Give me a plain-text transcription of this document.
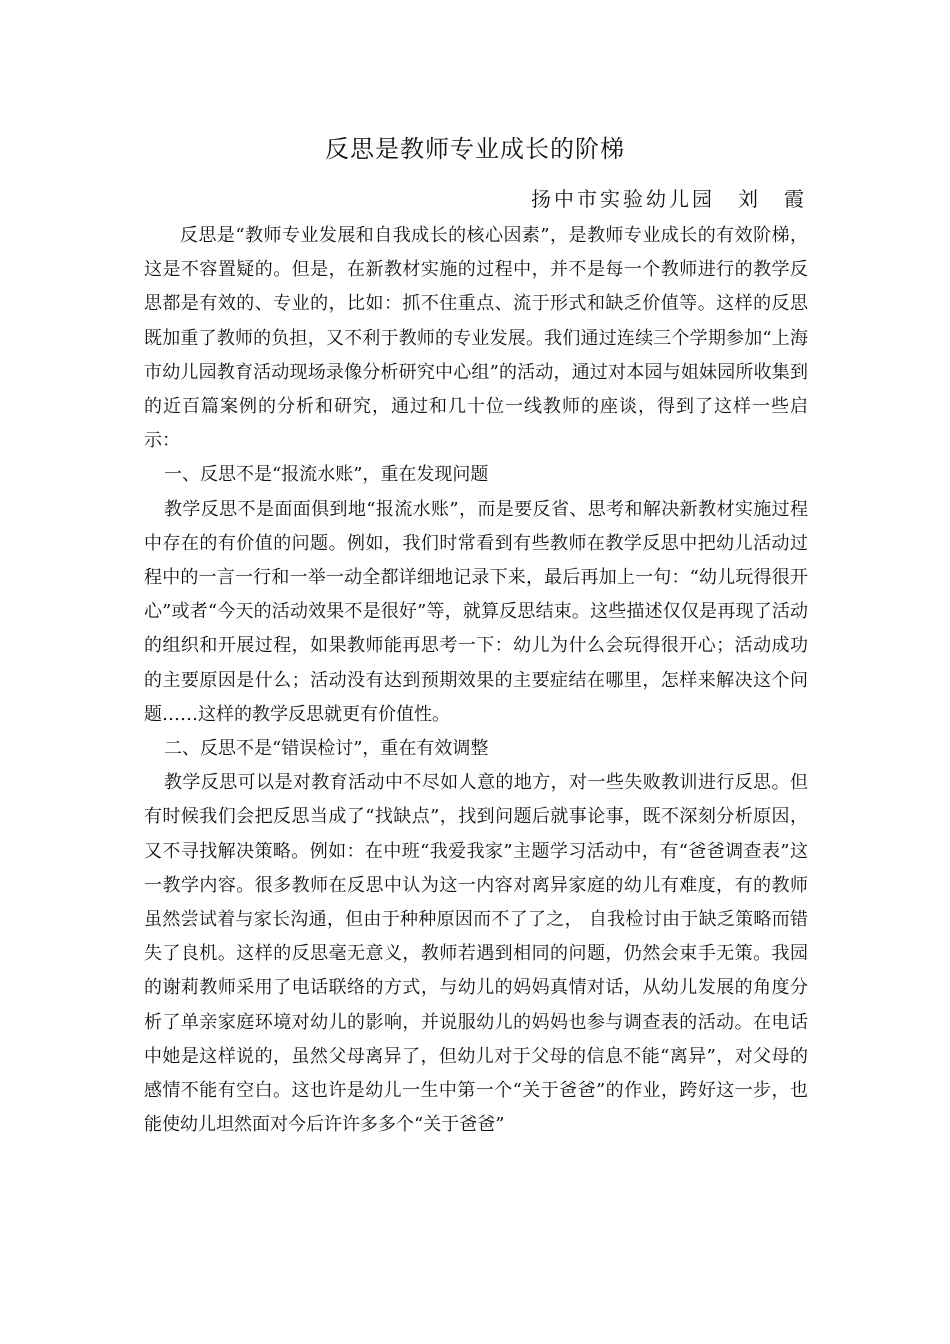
反思是教师专业成长的阶梯
扬中市实验幼儿园　刘　霞

反思是“教师专业发展和自我成长的核心因素”，是教师专业成长的有效阶梯，这是不容置疑的。但是，在新教材实施的过程中，并不是每一个教师进行的教学反思都是有效的、专业的，比如：抓不住重点、流于形式和缺乏价值等。这样的反思既加重了教师的负担，又不利于教师的专业发展。我们通过连续三个学期参加“上海市幼儿园教育活动现场录像分析研究中心组”的活动，通过对本园与姐妹园所收集到的近百篇案例的分析和研究，通过和几十位一线教师的座谈，得到了这样一些启示：

一、反思不是“报流水账”，重在发现问题

教学反思不是面面俱到地“报流水账”，而是要反省、思考和解决新教材实施过程中存在的有价值的问题。例如，我们时常看到有些教师在教学反思中把幼儿活动过程中的一言一行和一举一动全都详细地记录下来，最后再加上一句：“幼儿玩得很开心”或者“今天的活动效果不是很好”等，就算反思结束。这些描述仅仅是再现了活动的组织和开展过程，如果教师能再思考一下：幼儿为什么会玩得很开心；活动成功的主要原因是什么；活动没有达到预期效果的主要症结在哪里，怎样来解决这个问题……这样的教学反思就更有价值性。

二、反思不是“错误检讨”，重在有效调整

教学反思可以是对教育活动中不尽如人意的地方，对一些失败教训进行反思。但有时候我们会把反思当成了“找缺点”，找到问题后就事论事，既不深刻分析原因，又不寻找解决策略。例如：在中班“我爱我家”主题学习活动中，有“爸爸调查表”这一教学内容。很多教师在反思中认为这一内容对离异家庭的幼儿有难度，有的教师虽然尝试着与家长沟通，但由于种种原因而不了了之， 自我检讨由于缺乏策略而错失了良机。这样的反思毫无意义，教师若遇到相同的问题，仍然会束手无策。我园的谢莉教师采用了电话联络的方式，与幼儿的妈妈真情对话，从幼儿发展的角度分析了单亲家庭环境对幼儿的影响，并说服幼儿的妈妈也参与调查表的活动。在电话中她是这样说的，虽然父母离异了，但幼儿对于父母的信息不能“离异”，对父母的感情不能有空白。这也许是幼儿一生中第一个“关于爸爸”的作业，跨好这一步，也能使幼儿坦然面对今后许许多多个“关于爸爸”
